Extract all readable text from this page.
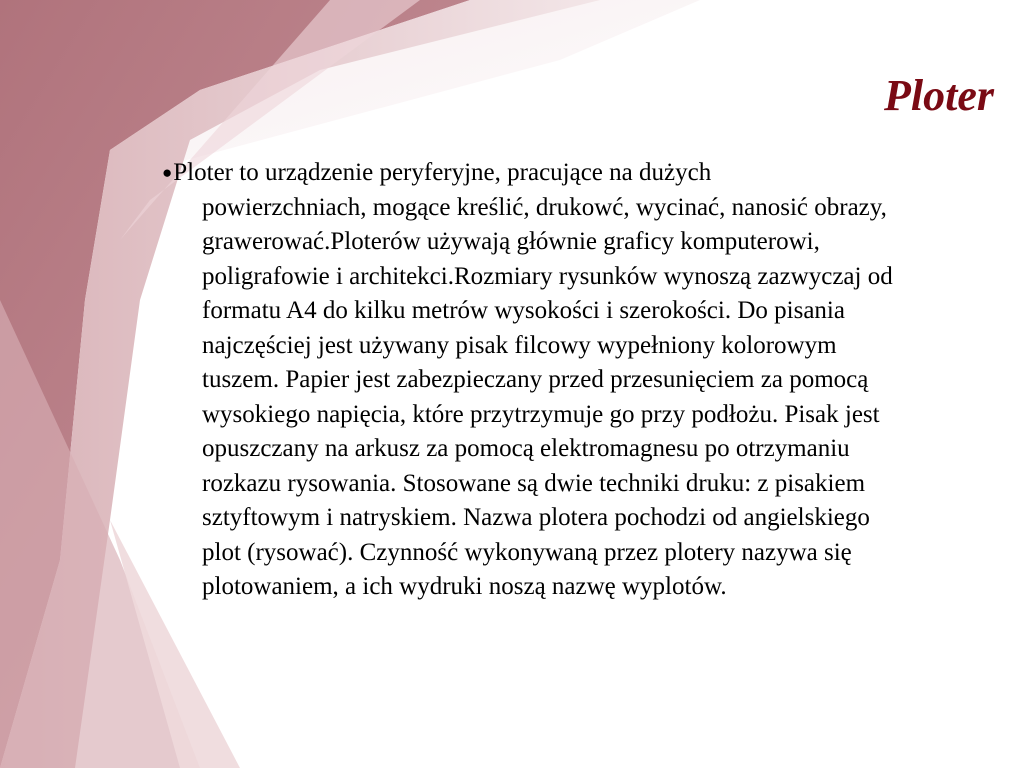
Ploter
●Ploter to urządzenie peryferyjne, pracujące na dużych
powierzchniach, mogące kreślić, drukowć, wycinać, nanosić obrazy,
grawerować.Ploterów używają głównie graficy komputerowi,
poligrafowie i architekci.Rozmiary rysunków wynoszą zazwyczaj od
formatu A4 do kilku metrów wysokości i szerokości. Do pisania
najczęściej jest używany pisak filcowy wypełniony kolorowym
tuszem. Papier jest zabezpieczany przed przesunięciem za pomocą
wysokiego napięcia, które przytrzymuje go przy podłożu. Pisak jest
opuszczany na arkusz za pomocą elektromagnesu po otrzymaniu
rozkazu rysowania. Stosowane są dwie techniki druku: z pisakiem
sztyftowym i natryskiem. Nazwa plotera pochodzi od angielskiego
plot (rysować). Czynność wykonywaną przez plotery nazywa się
plotowaniem, a ich wydruki noszą nazwę wyplotów.
